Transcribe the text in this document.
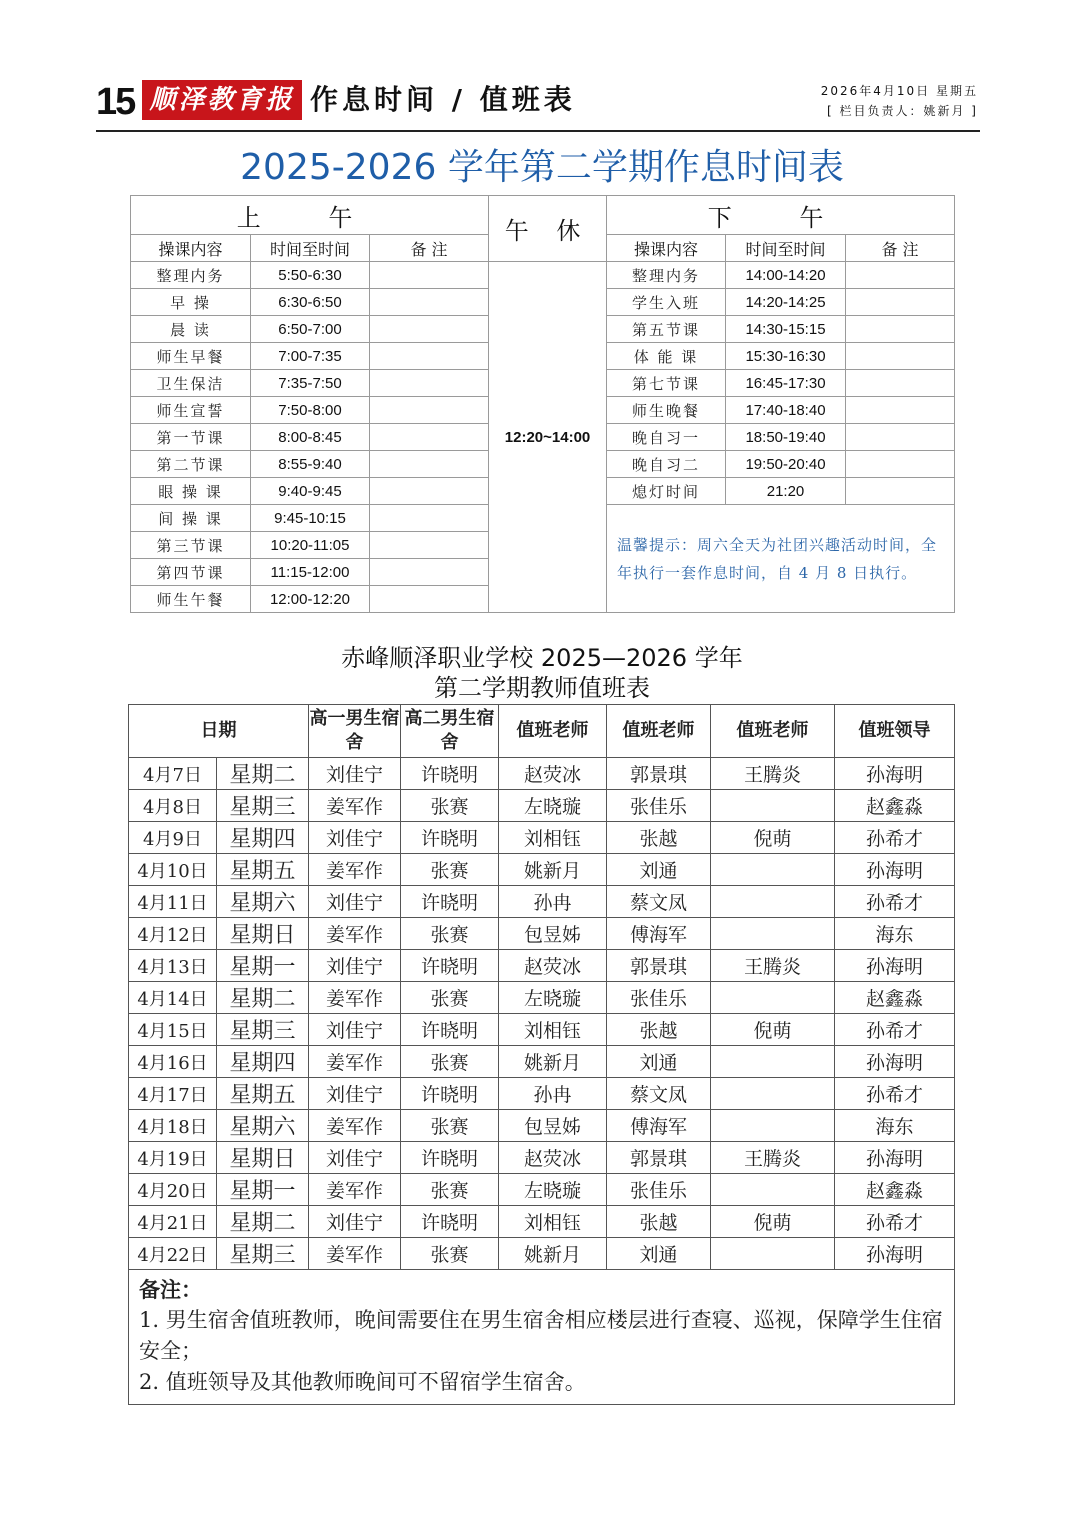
15 顺泽教育报 作息时间 / 值班表	2026年4月10日 星期五
[ 栏目负责人：姚新月 ]
2025-2026 学年第二学期作息时间表
上 午			午 休	下 午		
操课内容	时间至时间	备 注		操课内容	时间至时间	备 注
整理内务	5:50-6:30		12:20~14:00	整理内务	14:00-14:20	
早 操	6:30-6:50			学生入班	14:20-14:25	
晨 读	6:50-7:00			第五节课	14:30-15:15	
师生早餐	7:00-7:35			体 能 课	15:30-16:30	
卫生保洁	7:35-7:50			第七节课	16:45-17:30	
师生宣誓	7:50-8:00			师生晚餐	17:40-18:40	
第一节课	8:00-8:45			晚自习一	18:50-19:40	
第二节课	8:55-9:40			晚自习二	19:50-20:40	
眼 操 课	9:40-9:45			熄灯时间	21:20	
间 操 课	9:45-10:15			温馨提示：周六全天为社团兴趣活动时间，全年执行一套作息时间，自 4 月 8 日执行。		
第三节课	10:20-11:05					
第四节课	11:15-12:00					
师生午餐	12:00-12:20					
赤峰顺泽职业学校 2025—2026 学年
第二学期教师值班表
日期		高一男生宿舍	高二男生宿舍	值班老师	值班老师	值班老师	值班领导
4月7日	星期二	刘佳宁	许晓明	赵荧冰	郭景琪	王腾炎	孙海明
4月8日	星期三	姜军作	张赛	左晓璇	张佳乐		赵鑫淼
4月9日	星期四	刘佳宁	许晓明	刘相钰	张越	倪萌	孙希才
4月10日	星期五	姜军作	张赛	姚新月	刘通		孙海明
4月11日	星期六	刘佳宁	许晓明	孙冉	蔡文凤		孙希才
4月12日	星期日	姜军作	张赛	包昱姊	傅海军		海东
4月13日	星期一	刘佳宁	许晓明	赵荧冰	郭景琪	王腾炎	孙海明
4月14日	星期二	姜军作	张赛	左晓璇	张佳乐		赵鑫淼
4月15日	星期三	刘佳宁	许晓明	刘相钰	张越	倪萌	孙希才
4月16日	星期四	姜军作	张赛	姚新月	刘通		孙海明
4月17日	星期五	刘佳宁	许晓明	孙冉	蔡文凤		孙希才
4月18日	星期六	姜军作	张赛	包昱姊	傅海军		海东
4月19日	星期日	刘佳宁	许晓明	赵荧冰	郭景琪	王腾炎	孙海明
4月20日	星期一	姜军作	张赛	左晓璇	张佳乐		赵鑫淼
4月21日	星期二	刘佳宁	许晓明	刘相钰	张越	倪萌	孙希才
4月22日	星期三	姜军作	张赛	姚新月	刘通		孙海明

备注：
1. 男生宿舍值班教师，晚间需要住在男生宿舍相应楼层进行查寝、巡视，保障学生住宿安全；
2. 值班领导及其他教师晚间可不留宿学生宿舍。							
